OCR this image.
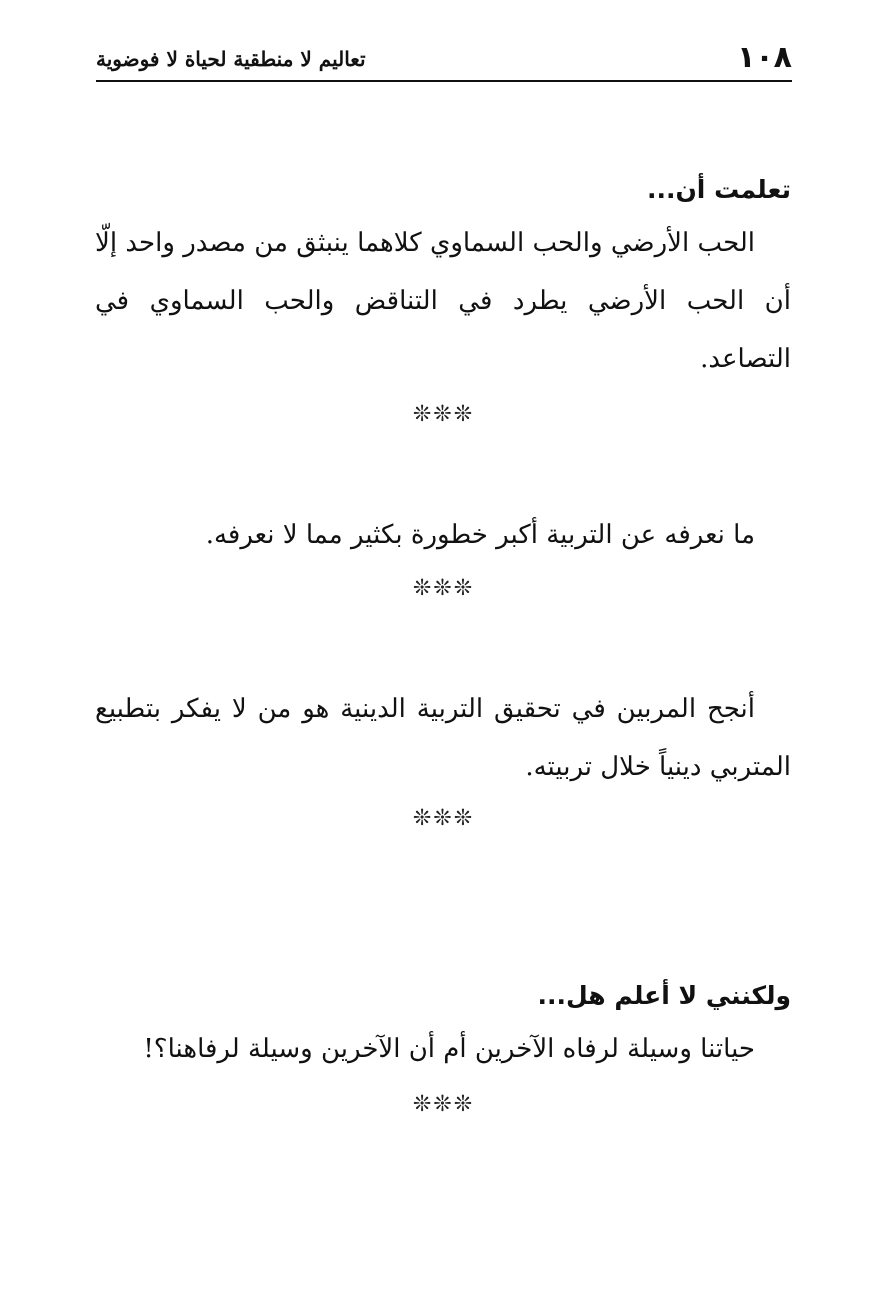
١٠٨
تعاليم لا منطقية لحياة لا فوضوية
تعلمت أن...

الحب الأرضي والحب السماوي كلاهما ينبثق من مصدر واحد إلّا أن الحب الأرضي يطرد في التناقض والحب السماوي في التصاعد.

❊❊❊

ما نعرفه عن التربية أكبر خطورة بكثير مما لا نعرفه.

❊❊❊

أنجح المربين في تحقيق التربية الدينية هو من لا يفكر بتطبيع المتربي دينياً خلال تربيته.

❊❊❊
ولكنني لا أعلم هل...

حياتنا وسيلة لرفاه الآخرين أم أن الآخرين وسيلة لرفاهنا؟!

❊❊❊
